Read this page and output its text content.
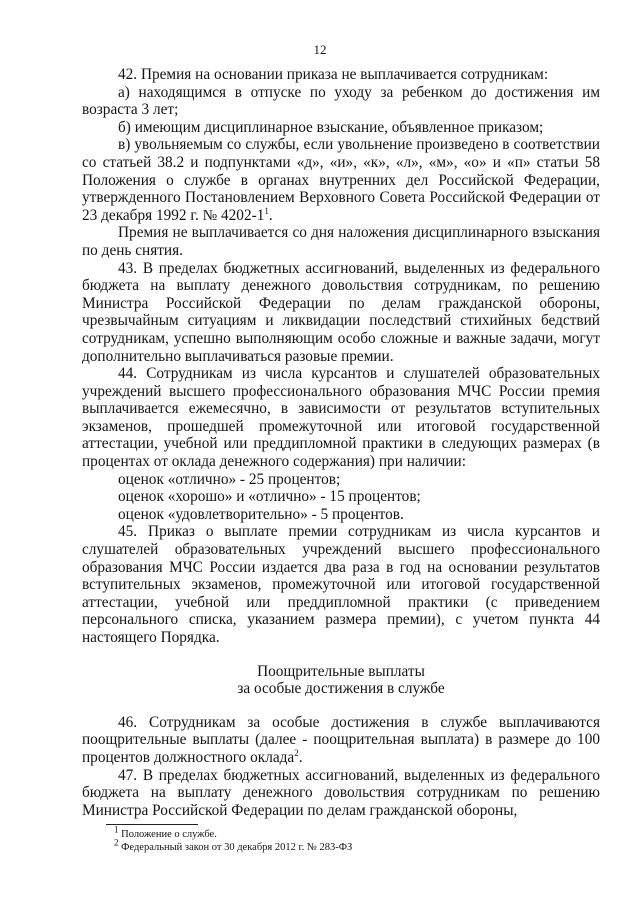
12

42. Премия на основании приказа не выплачивается сотрудникам:

а) находящимся в отпуске по уходу за ребенком до достижения им возраста 3 лет;

б) имеющим дисциплинарное взыскание, объявленное приказом;

в) увольняемым со службы, если увольнение произведено в соответствии со статьей 38.2 и подпунктами «д», «и», «к», «л», «м», «о» и «п» статьи 58 Положения о службе в органах внутренних дел Российской Федерации, утвержденного Постановлением Верховного Совета Российской Федерации от 23 декабря 1992 г. № $4202-1^1$.

Премия не выплачивается со дня наложения дисциплинарного взыскания по день снятия.

43. В пределах бюджетных ассигнований, выделенных из федерального бюджета на выплату денежного довольствия сотрудникам, по решению Министра Российской Федерации по делам гражданской обороны, чрезвычайным ситуациям и ликвидации последствий стихийных бедствий сотрудникам, успешно выполняющим особо сложные и важные задачи, могут дополнительно выплачиваться разовые премии.

44. Сотрудникам из числа курсантов и слушателей образовательных учреждений высшего профессионального образования МЧС России премия выплачивается ежемесячно, в зависимости от результатов вступительных экзаменов, прошедшей промежуточной или итоговой государственной аттестации, учебной или преддипломной практики в следующих размерах (в процентах от оклада денежного содержания) при наличии:

оценок «отлично» - 25 процентов;

оценок «хорошо» и «отлично» - 15 процентов;

оценок «удовлетворительно» - 5 процентов.

45. Приказ о выплате премии сотрудникам из числа курсантов и слушателей образовательных учреждений высшего профессионального образования МЧС России издается два раза в год на основании результатов вступительных экзаменов, промежуточной или итоговой государственной аттестации, учебной или преддипломной практики (с приведением персонального списка, указанием размера премии), с учетом пункта 44 настоящего Порядка.

Поощрительные выплаты

за особые достижения в службе

46. Сотрудникам за особые достижения в службе выплачиваются поощрительные выплаты (далее - поощрительная выплата) в размере до 100 процентов должностного оклада$^2$.

47. В пределах бюджетных ассигнований, выделенных из федерального бюджета на выплату денежного довольствия сотрудникам по решению Министра Российской Федерации по делам гражданской обороны,

$^1$ Положение о службе.
$^2$ Федеральный закон от 30 декабря 2012 г. № 283-ФЗ
